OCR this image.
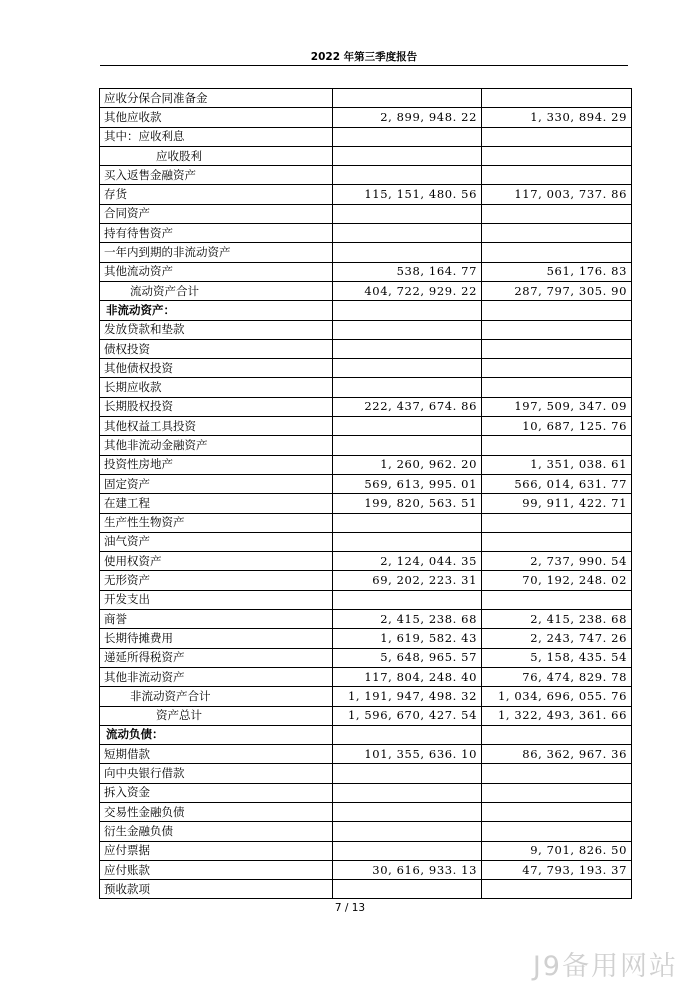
2022 年第三季度报告
应收分保合同准备金		
其他应收款	2, 899, 948. 22	1, 330, 894. 29
其中：应收利息		
应收股利		
买入返售金融资产		
存货	115, 151, 480. 56	117, 003, 737. 86
合同资产		
持有待售资产		
一年内到期的非流动资产		
其他流动资产	538, 164. 77	561, 176. 83
流动资产合计	404, 722, 929. 22	287, 797, 305. 90
非流动资产：		
发放贷款和垫款		
债权投资		
其他债权投资		
长期应收款		
长期股权投资	222, 437, 674. 86	197, 509, 347. 09
其他权益工具投资		10, 687, 125. 76
其他非流动金融资产		
投资性房地产	1, 260, 962. 20	1, 351, 038. 61
固定资产	569, 613, 995. 01	566, 014, 631. 77
在建工程	199, 820, 563. 51	99, 911, 422. 71
生产性生物资产		
油气资产		
使用权资产	2, 124, 044. 35	2, 737, 990. 54
无形资产	69, 202, 223. 31	70, 192, 248. 02
开发支出		
商誉	2, 415, 238. 68	2, 415, 238. 68
长期待摊费用	1, 619, 582. 43	2, 243, 747. 26
递延所得税资产	5, 648, 965. 57	5, 158, 435. 54
其他非流动资产	117, 804, 248. 40	76, 474, 829. 78
非流动资产合计	1, 191, 947, 498. 32	1, 034, 696, 055. 76
资产总计	1, 596, 670, 427. 54	1, 322, 493, 361. 66
流动负债：		
短期借款	101, 355, 636. 10	86, 362, 967. 36
向中央银行借款		
拆入资金		
交易性金融负债		
衍生金融负债		
应付票据		9, 701, 826. 50
应付账款	30, 616, 933. 13	47, 793, 193. 37
预收款项		
7 / 13
J9备用网站
